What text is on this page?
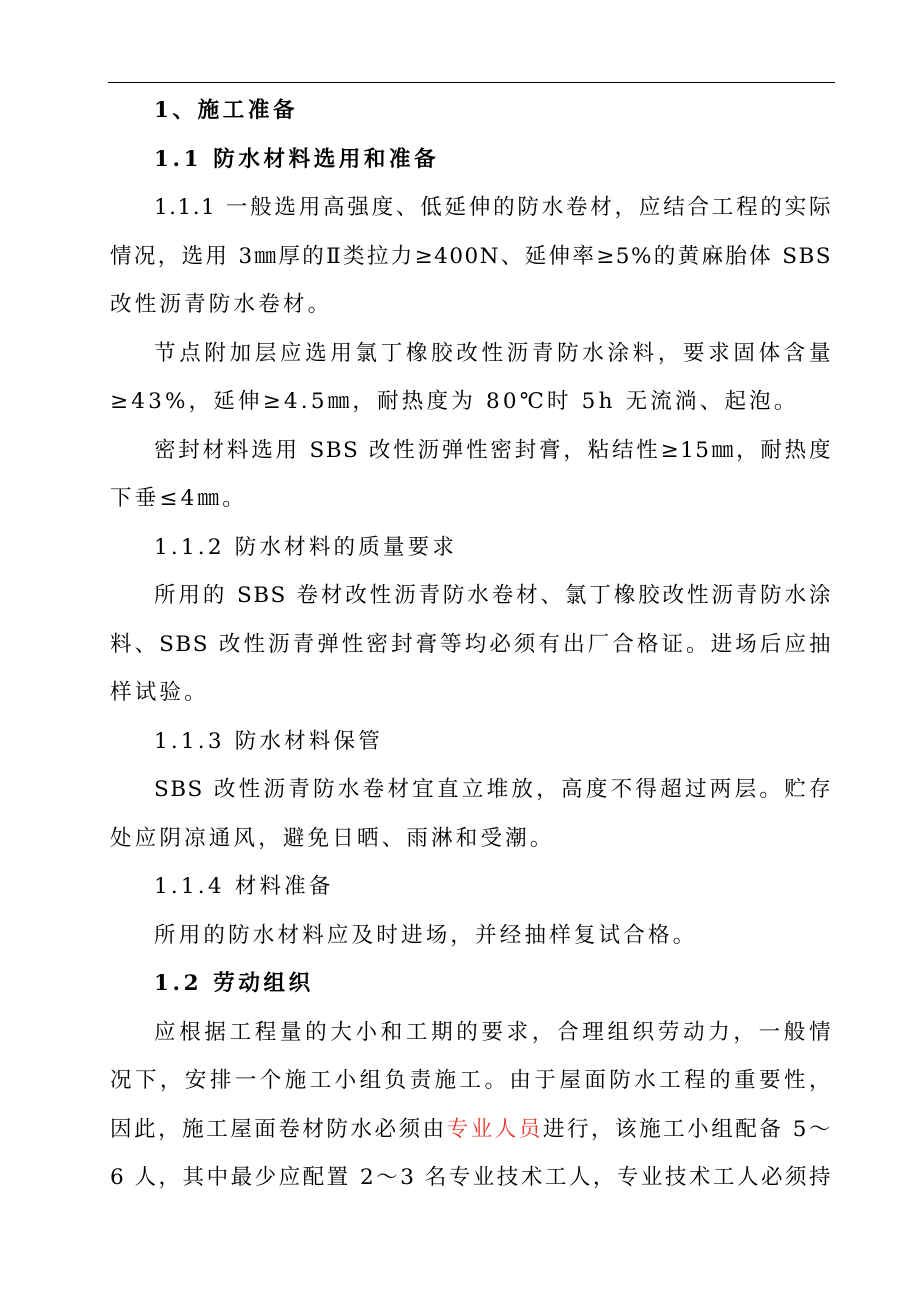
1、施工准备
1.1 防水材料选用和准备
1.1.1 一般选用高强度、低延伸的防水卷材，应结合工程的实际
情况，选用 3㎜厚的Ⅱ类拉力≥400N、延伸率≥5%的黄麻胎体 SBS
改性沥青防水卷材。
节点附加层应选用氯丁橡胶改性沥青防水涂料，要求固体含量
≥43%，延伸≥4.5㎜，耐热度为 80℃时 5h 无流淌、起泡。
密封材料选用 SBS 改性沥弹性密封膏，粘结性≥15㎜，耐热度
下垂≤4㎜。
1.1.2 防水材料的质量要求
所用的 SBS 卷材改性沥青防水卷材、氯丁橡胶改性沥青防水涂
料、SBS 改性沥青弹性密封膏等均必须有出厂合格证。进场后应抽
样试验。
1.1.3 防水材料保管
SBS 改性沥青防水卷材宜直立堆放，高度不得超过两层。贮存
处应阴凉通风，避免日晒、雨淋和受潮。
1.1.4 材料准备
所用的防水材料应及时进场，并经抽样复试合格。
1.2 劳动组织
应根据工程量的大小和工期的要求，合理组织劳动力，一般情
况下，安排一个施工小组负责施工。由于屋面防水工程的重要性，
因此，施工屋面卷材防水必须由专业人员进行，该施工小组配备 5～
6 人，其中最少应配置 2～3 名专业技术工人，专业技术工人必须持
